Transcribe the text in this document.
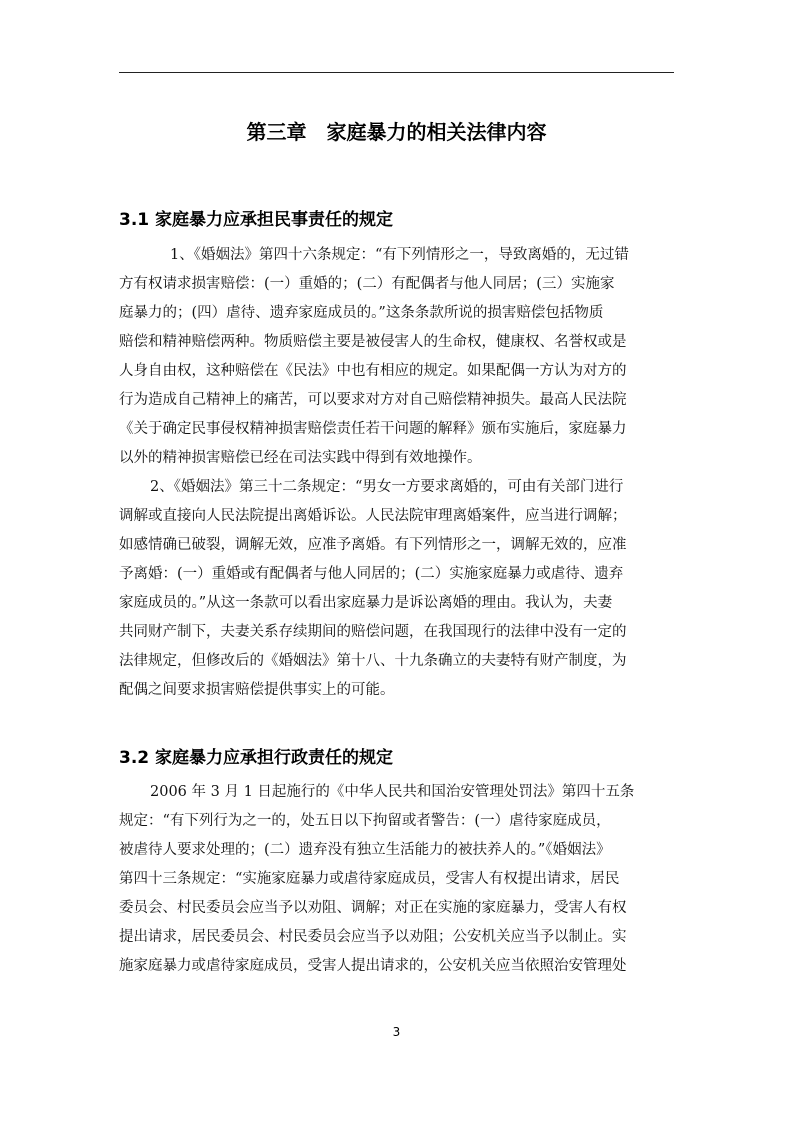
第三章　家庭暴力的相关法律内容
3.1 家庭暴力应承担民事责任的规定
1、《婚姻法》第四十六条规定：“有下列情形之一，导致离婚的，无过错
方有权请求损害赔偿：(一）重婚的；(二）有配偶者与他人同居；(三）实施家
庭暴力的；(四）虐待、遗弃家庭成员的。”这条条款所说的损害赔偿包括物质
赔偿和精神赔偿两种。物质赔偿主要是被侵害人的生命权，健康权、名誉权或是
人身自由权，这种赔偿在《民法》中也有相应的规定。如果配偶一方认为对方的
行为造成自己精神上的痛苦，可以要求对方对自己赔偿精神损失。最高人民法院
《关于确定民事侵权精神损害赔偿责任若干问题的解释》颁布实施后，家庭暴力
以外的精神损害赔偿已经在司法实践中得到有效地操作。
2、《婚姻法》第三十二条规定：“男女一方要求离婚的，可由有关部门进行
调解或直接向人民法院提出离婚诉讼。人民法院审理离婚案件，应当进行调解；
如感情确已破裂，调解无效，应准予离婚。有下列情形之一，调解无效的，应准
予离婚：(一）重婚或有配偶者与他人同居的；(二）实施家庭暴力或虐待、遗弃
家庭成员的。”从这一条款可以看出家庭暴力是诉讼离婚的理由。我认为，夫妻
共同财产制下，夫妻关系存续期间的赔偿问题，在我国现行的法律中没有一定的
法律规定，但修改后的《婚姻法》第十八、十九条确立的夫妻特有财产制度，为
配偶之间要求损害赔偿提供事实上的可能。
3.2 家庭暴力应承担行政责任的规定
2006 年 3 月 1 日起施行的《中华人民共和国治安管理处罚法》第四十五条
规定：“有下列行为之一的，处五日以下拘留或者警告：(一）虐待家庭成员，
被虐待人要求处理的；(二）遗弃没有独立生活能力的被扶养人的。”《婚姻法》
第四十三条规定：“实施家庭暴力或虐待家庭成员，受害人有权提出请求，居民
委员会、村民委员会应当予以劝阻、调解；对正在实施的家庭暴力，受害人有权
提出请求，居民委员会、村民委员会应当予以劝阻；公安机关应当予以制止。实
施家庭暴力或虐待家庭成员，受害人提出请求的，公安机关应当依照治安管理处
3
